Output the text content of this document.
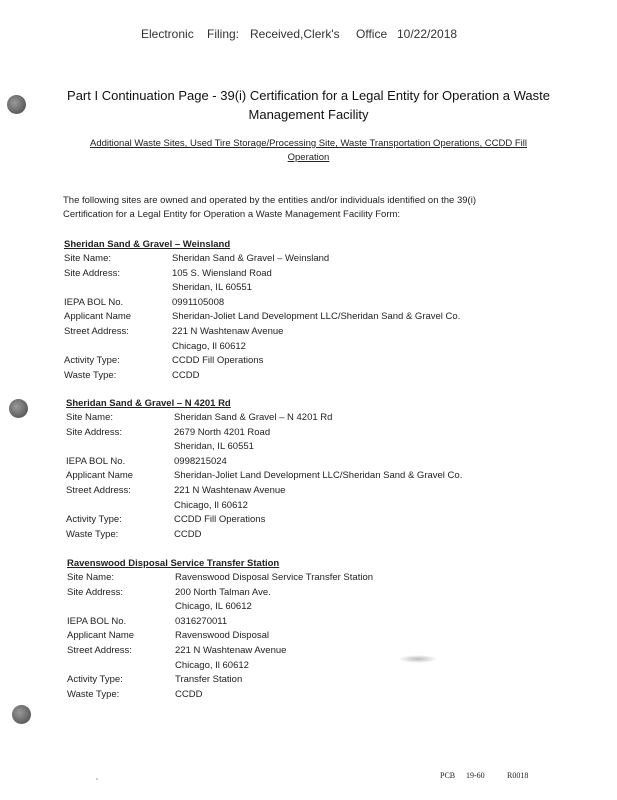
Electronic Filing: Received,Clerk's Office 10/22/2018
Part I Continuation Page - 39(i) Certification for a Legal Entity for Operation a Waste
Management Facility
Additional Waste Sites, Used Tire Storage/Processing Site, Waste Transportation Operations, CCDD Fill
Operation
The following sites are owned and operated by the entities and/or individuals identified on the 39(i)
Certification for a Legal Entity for Operation a Waste Management Facility Form:
Sheridan Sand & Gravel – Weinsland
Site Name:	Sheridan Sand & Gravel – Weinsland
Site Address:	105 S. Wiensland Road
Sheridan, IL 60551
IEPA BOL No.	0991105008
Applicant Name	Sheridan-Joliet Land Development LLC/Sheridan Sand & Gravel Co.
Street Address:	221 N Washtenaw Avenue
Chicago, Il 60612
Activity Type:	CCDD Fill Operations
Waste Type:	CCDD
Sheridan Sand & Gravel – N 4201 Rd
Site Name:	Sheridan Sand & Gravel – N 4201 Rd
Site Address:	2679 North 4201 Road
Sheridan, IL 60551
IEPA BOL No.	0998215024
Applicant Name	Sheridan-Joliet Land Development LLC/Sheridan Sand & Gravel Co.
Street Address:	221 N Washtenaw Avenue
Chicago, Il 60612
Activity Type:	CCDD Fill Operations
Waste Type:	CCDD
Ravenswood Disposal Service Transfer Station
Site Name:	Ravenswood Disposal Service Transfer Station
Site Address:	200 North Talman Ave.
Chicago, IL 60612
IEPA BOL No.	0316270011
Applicant Name	Ravenswood Disposal
Street Address:	221 N Washtenaw Avenue
Chicago, Il 60612
Activity Type:	Transfer Station
Waste Type:	CCDD
PCB 19-60	R0018
